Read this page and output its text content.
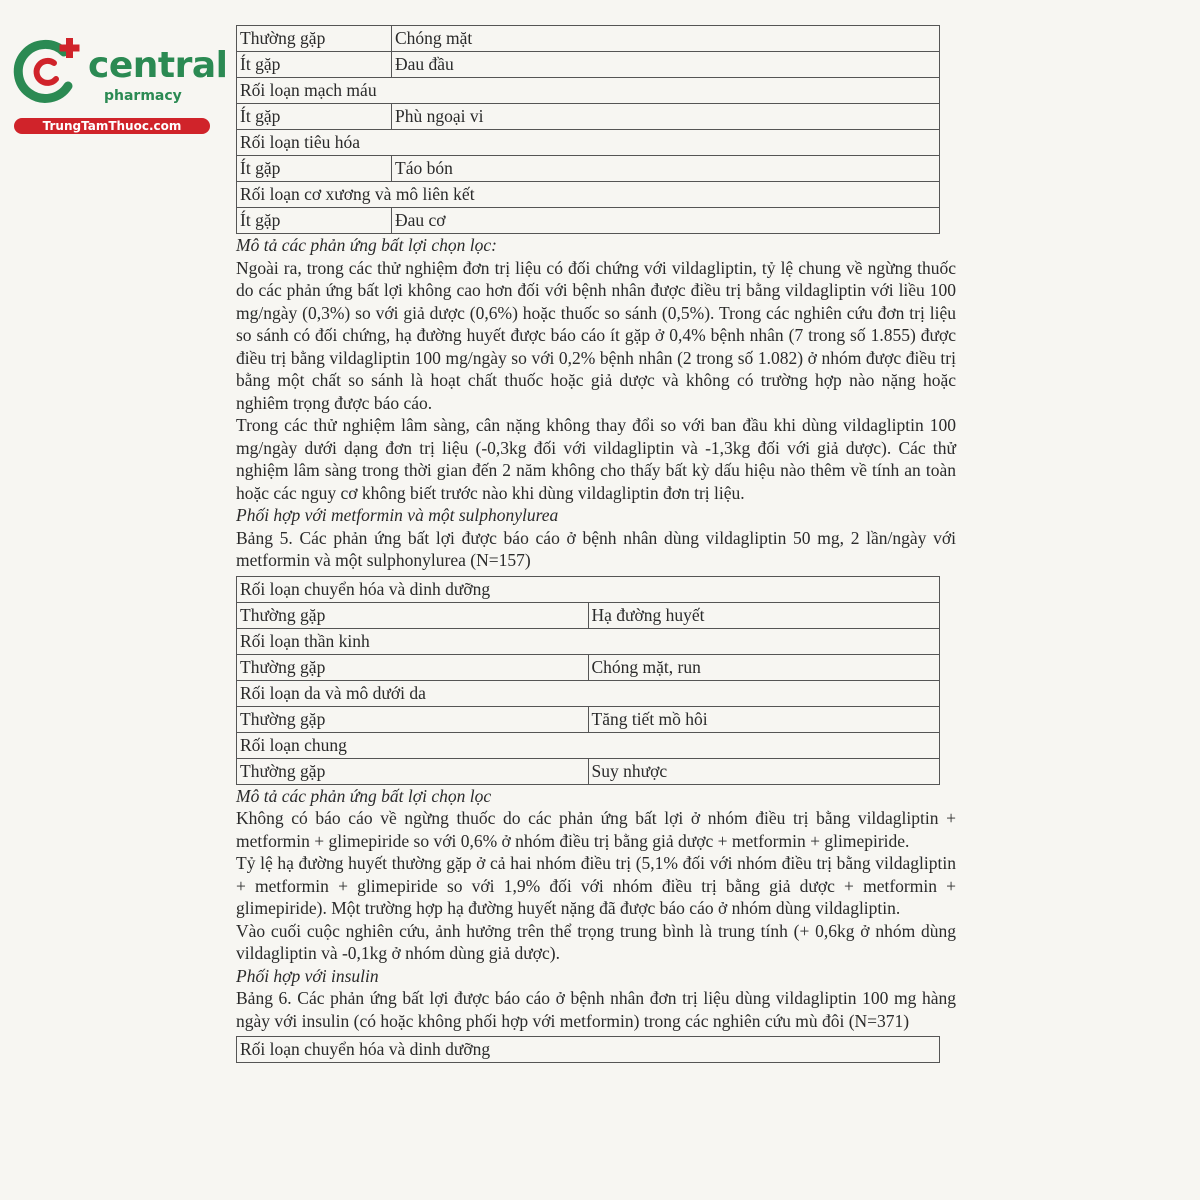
central
pharmacy
TrungTamThuoc.com
Thường gặp	Chóng mặt
Ít gặp	Đau đầu
Rối loạn mạch máu	
Ít gặp	Phù ngoại vi
Rối loạn tiêu hóa	
Ít gặp	Táo bón
Rối loạn cơ xương và mô liên kết	
Ít gặp	Đau cơ
Mô tả các phản ứng bất lợi chọn lọc:

Ngoài ra, trong các thử nghiệm đơn trị liệu có đối chứng với vildagliptin, tỷ lệ chung về ngừng thuốc do các phản ứng bất lợi không cao hơn đối với bệnh nhân được điều trị bằng vildagliptin với liều 100 mg/ngày (0,3%) so với giả dược (0,6%) hoặc thuốc so sánh (0,5%). Trong các nghiên cứu đơn trị liệu so sánh có đối chứng, hạ đường huyết được báo cáo ít gặp ở 0,4% bệnh nhân (7 trong số 1.855) được điều trị bằng vildagliptin 100 mg/ngày so với 0,2% bệnh nhân (2 trong số 1.082) ở nhóm được điều trị bằng một chất so sánh là hoạt chất thuốc hoặc giả dược và không có trường hợp nào nặng hoặc nghiêm trọng được báo cáo.

Trong các thử nghiệm lâm sàng, cân nặng không thay đổi so với ban đầu khi dùng vildagliptin 100 mg/ngày dưới dạng đơn trị liệu (-0,3kg đối với vildagliptin và -1,3kg đối với giả dược). Các thử nghiệm lâm sàng trong thời gian đến 2 năm không cho thấy bất kỳ dấu hiệu nào thêm về tính an toàn hoặc các nguy cơ không biết trước nào khi dùng vildagliptin đơn trị liệu.

Phối hợp với metformin và một sulphonylurea

Bảng 5. Các phản ứng bất lợi được báo cáo ở bệnh nhân dùng vildagliptin 50 mg, 2 lần/ngày với metformin và một sulphonylurea (N=157)

Rối loạn chuyển hóa và dinh dưỡng	
Thường gặp	Hạ đường huyết
Rối loạn thần kinh	
Thường gặp	Chóng mặt, run
Rối loạn da và mô dưới da	
Thường gặp	Tăng tiết mồ hôi
Rối loạn chung	
Thường gặp	Suy nhược
Mô tả các phản ứng bất lợi chọn lọc

Không có báo cáo về ngừng thuốc do các phản ứng bất lợi ở nhóm điều trị bằng vildagliptin + metformin + glimepiride so với 0,6% ở nhóm điều trị bằng giả dược + metformin + glimepiride.

Tỷ lệ hạ đường huyết thường gặp ở cả hai nhóm điều trị (5,1% đối với nhóm điều trị bằng vildagliptin + metformin + glimepiride so với 1,9% đối với nhóm điều trị bằng giả dược + metformin + glimepiride). Một trường hợp hạ đường huyết nặng đã được báo cáo ở nhóm dùng vildagliptin.

Vào cuối cuộc nghiên cứu, ảnh hưởng trên thể trọng trung bình là trung tính (+ 0,6kg ở nhóm dùng vildagliptin và -0,1kg ở nhóm dùng giả dược).

Phối hợp với insulin

Bảng 6. Các phản ứng bất lợi được báo cáo ở bệnh nhân đơn trị liệu dùng vildagliptin 100 mg hàng ngày với insulin (có hoặc không phối hợp với metformin) trong các nghiên cứu mù đôi (N=371)

Rối loạn chuyển hóa và dinh dưỡng
